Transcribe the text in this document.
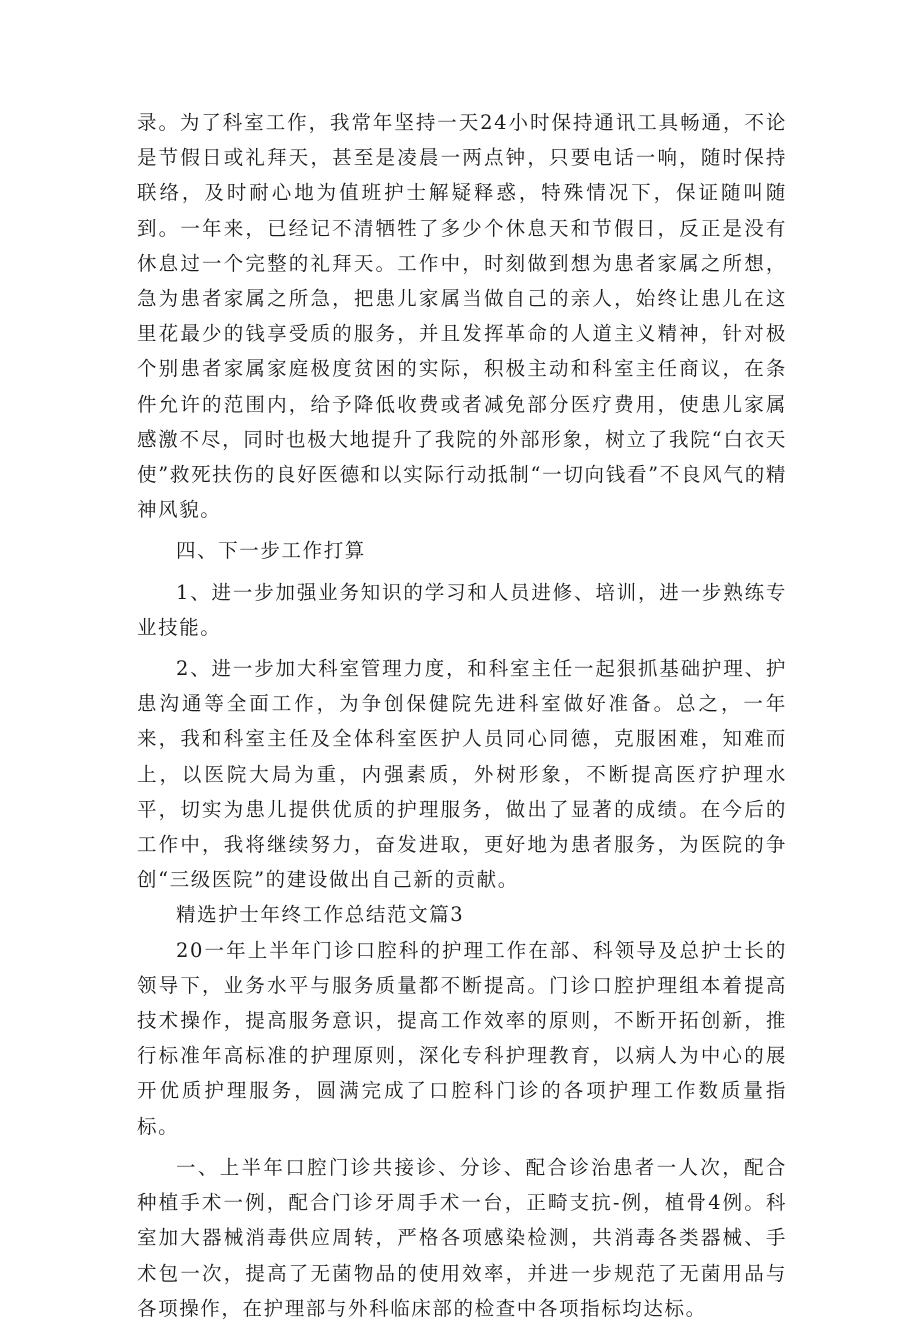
录。为了科室工作，我常年坚持一天24小时保持通讯工具畅通，不论是节假日或礼拜天，甚至是凌晨一两点钟，只要电话一响，随时保持联络，及时耐心地为值班护士解疑释惑，特殊情况下，保证随叫随到。一年来，已经记不清牺牲了多少个休息天和节假日，反正是没有休息过一个完整的礼拜天。工作中，时刻做到想为患者家属之所想，急为患者家属之所急，把患儿家属当做自己的亲人，始终让患儿在这里花最少的钱享受质的服务，并且发挥革命的人道主义精神，针对极个别患者家属家庭极度贫困的实际，积极主动和科室主任商议，在条件允许的范围内，给予降低收费或者减免部分医疗费用，使患儿家属感激不尽，同时也极大地提升了我院的外部形象，树立了我院“白衣天使”救死扶伤的良好医德和以实际行动抵制“一切向钱看”不良风气的精神风貌。

四、下一步工作打算

1、进一步加强业务知识的学习和人员进修、培训，进一步熟练专业技能。

2、进一步加大科室管理力度，和科室主任一起狠抓基础护理、护患沟通等全面工作，为争创保健院先进科室做好准备。总之，一年来，我和科室主任及全体科室医护人员同心同德，克服困难，知难而上，以医院大局为重，内强素质，外树形象，不断提高医疗护理水平，切实为患儿提供优质的护理服务，做出了显著的成绩。在今后的工作中，我将继续努力，奋发进取，更好地为患者服务，为医院的争创“三级医院”的建设做出自己新的贡献。

精选护士年终工作总结范文篇3

20一年上半年门诊口腔科的护理工作在部、科领导及总护士长的领导下，业务水平与服务质量都不断提高。门诊口腔护理组本着提高技术操作，提高服务意识，提高工作效率的原则，不断开拓创新，推行标准年高标准的护理原则，深化专科护理教育，以病人为中心的展开优质护理服务，圆满完成了口腔科门诊的各项护理工作数质量指标。

一、上半年口腔门诊共接诊、分诊、配合诊治患者一人次，配合种植手术一例，配合门诊牙周手术一台，正畸支抗-例，植骨4例。科室加大器械消毒供应周转，严格各项感染检测，共消毒各类器械、手术包一次，提高了无菌物品的使用效率，并进一步规范了无菌用品与各项操作，在护理部与外科临床部的检查中各项指标均达标。
